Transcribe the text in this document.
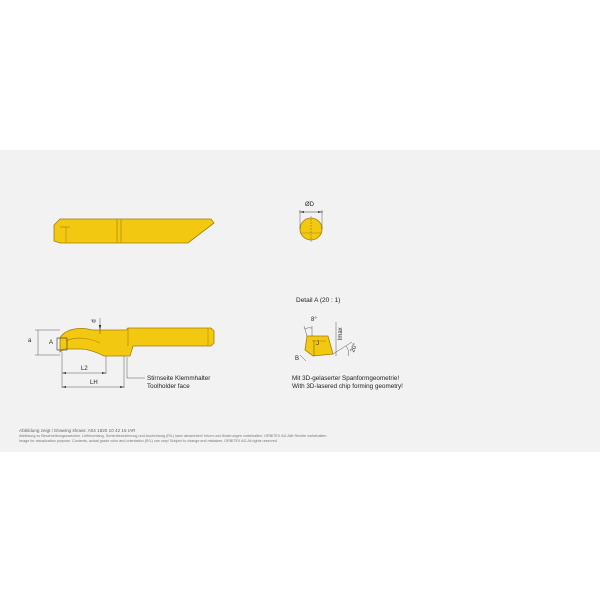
ØD
Detail A (20 : 1)
8°
lmax
20°
B
J
a	A
d
L2
LH
Stirnseite Klemmhalter
Toolholder face
Mit 3D-gelaserter Spanformgeometrie!
With 3D-lasered chip forming geometry!
Abbildung zeigt / Drawing shows: A04 1820 10 42 15 IAR
Abbildung zu Beschreibungszwecken. Lieferumfang, Sortenbezeichnung und Ausrichtung (R/L) kann abweichen! Irrtum und Änderungen vorbehalten. ORBITEX AG Alle Rechte vorbehalten.
Image for visualization purpose. Contents, actual grade color and orientation (R/L) can vary! Subject to change and mistakes. ORBITEX AG All rights reserved.
